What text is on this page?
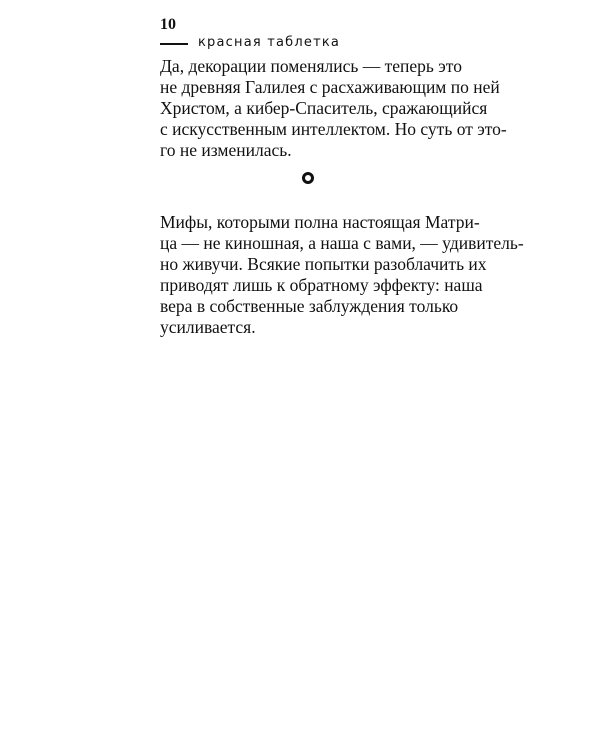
10
красная таблетка
Да, декорации поменялись — теперь это
не древняя Галилея с расхаживающим по ней
Христом, а кибер-Спаситель, сражающийся
с искусственным интеллектом. Но суть от это-
го не изменилась.
Мифы, которыми полна настоящая Матри-
ца — не киношная, а наша с вами, — удивитель-
но живучи. Всякие попытки разоблачить их
приводят лишь к обратному эффекту: наша
вера в собственные заблуждения только
усиливается.
